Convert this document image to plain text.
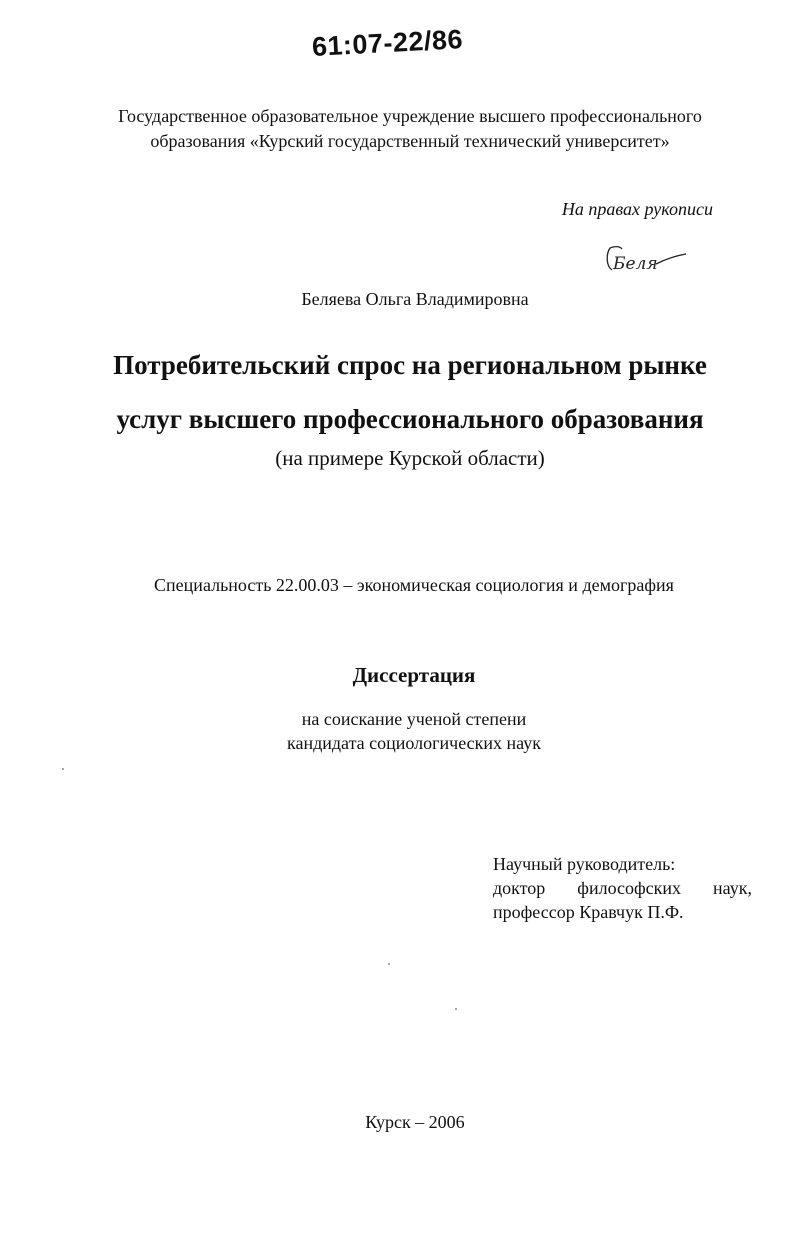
61:07-22/86
Государственное образовательное учреждение высшего профессионального
образования «Курский государственный технический университет»
На правах рукописи
Беля
Беляева Ольга Владимировна
Потребительский спрос на региональном рынке
услуг высшего профессионального образования
(на примере Курской области)
Специальность 22.00.03 – экономическая социология и демография
Диссертация
на соискание ученой степени
кандидата социологических наук
Научный руководитель:
доктор философских наук,
профессор Кравчук П.Ф.
Курск – 2006
